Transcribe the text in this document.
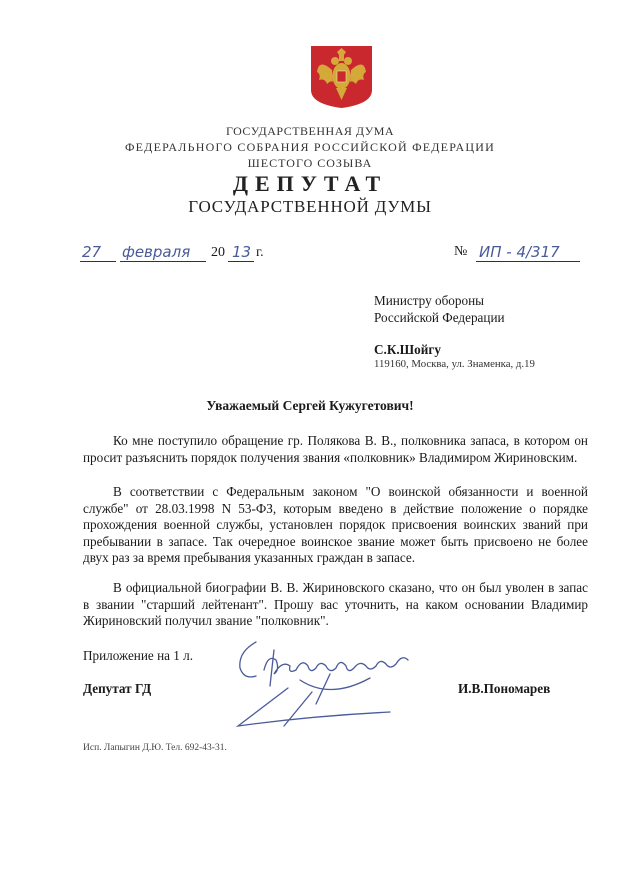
ГОСУДАРСТВЕННАЯ ДУМА
ФЕДЕРАЛЬНОГО СОБРАНИЯ РОССИЙСКОЙ ФЕДЕРАЦИИ
ШЕСТОГО СОЗЫВА
ДЕПУТАТ
ГОСУДАРСТВЕННОЙ ДУМЫ
27 февраля 20 13 г.	№ ИП - 4/317
Министру обороны
Российской Федерации
С.К.Шойгу
119160, Москва, ул. Знаменка, д.19
Уважаемый Сергей Кужугетович!
Ко мне поступило обращение гр. Полякова В. В., полковника запаса, в котором он просит разъяснить порядок получения звания «полковник» Владимиром Жириновским.
В соответствии с Федеральным законом "О воинской обязанности и военной службе" от 28.03.1998 N 53-ФЗ, которым введено в действие положение о порядке прохождения военной службы, установлен порядок присвоения воинских званий при пребывании в запасе. Так очередное воинское звание может быть присвоено не более двух раз за время пребывания указанных граждан в запасе.
В официальной биографии В. В. Жириновского сказано, что он был уволен в запас в звании "старший лейтенант". Прошу вас уточнить, на каком основании Владимир Жириновский получил звание "полковник".
Приложение на 1 л.
Депутат ГД	И.В.Пономарев
Исп. Лапыгин Д.Ю. Тел. 692-43-31.
